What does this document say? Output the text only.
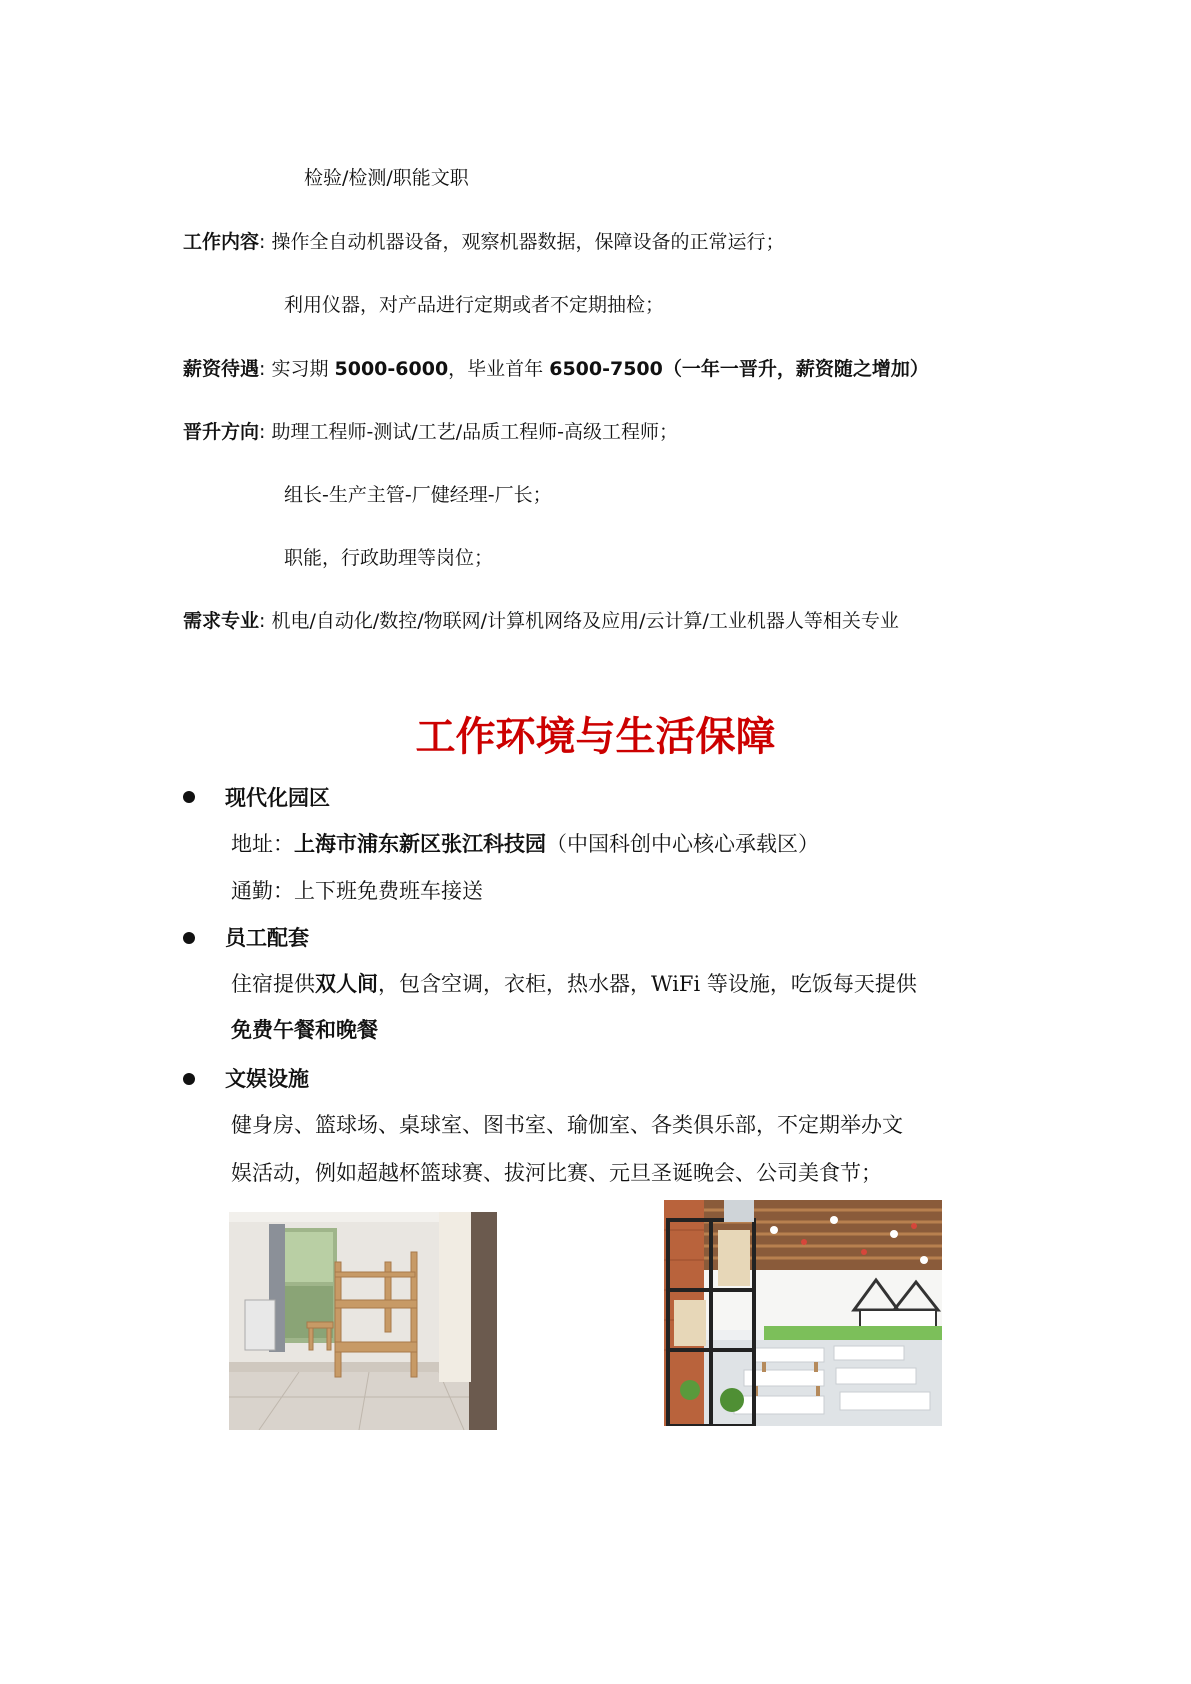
检验/检测/职能文职
工作内容: 操作全自动机器设备，观察机器数据，保障设备的正常运行；
利用仪器，对产品进行定期或者不定期抽检；
薪资待遇: 实习期 5000-6000，毕业首年 6500-7500（一年一晋升，薪资随之增加）
晋升方向: 助理工程师-测试/工艺/品质工程师-高级工程师；
组长-生产主管-厂健经理-厂长；
职能，行政助理等岗位；
需求专业: 机电/自动化/数控/物联网/计算机网络及应用/云计算/工业机器人等相关专业
工作环境与生活保障
现代化园区
地址：上海市浦东新区张江科技园（中国科创中心核心承载区）
通勤：上下班免费班车接送
员工配套
住宿提供双人间，包含空调，衣柜，热水器，WiFi 等设施，吃饭每天提供
免费午餐和晚餐
文娱设施
健身房、篮球场、桌球室、图书室、瑜伽室、各类俱乐部，不定期举办文
娱活动，例如超越杯篮球赛、拔河比赛、元旦圣诞晚会、公司美食节；
